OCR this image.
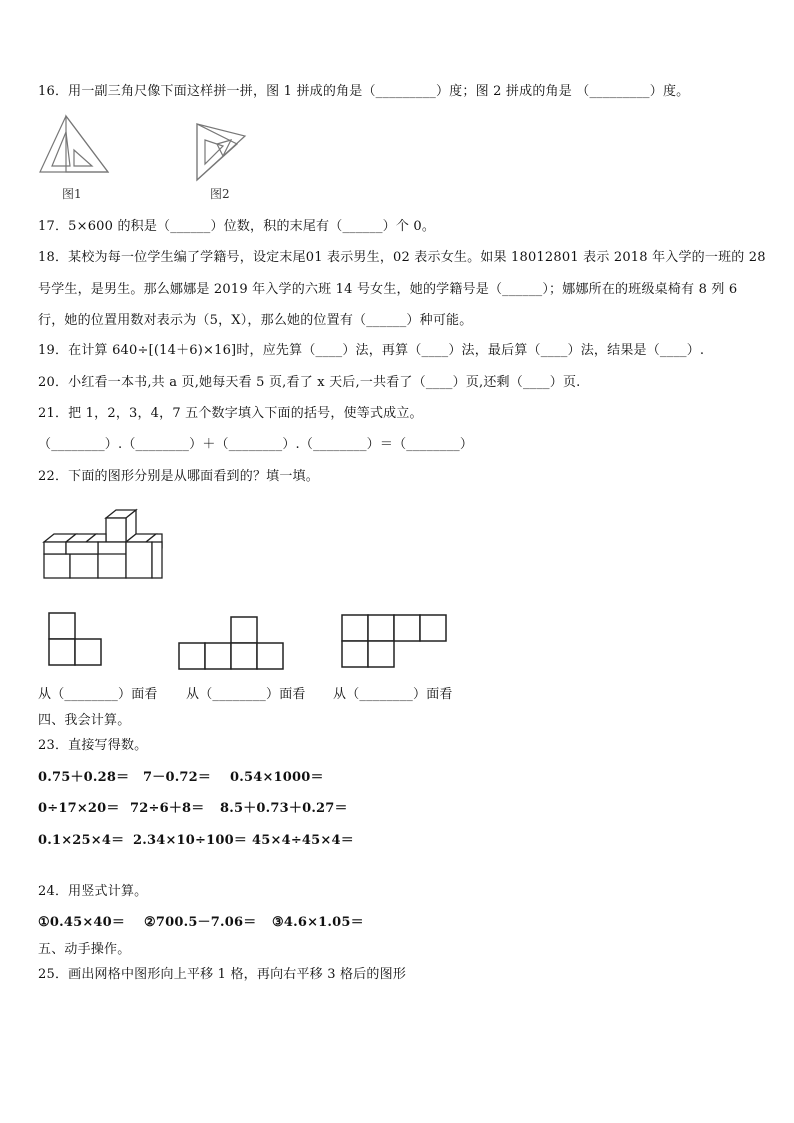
16．用一副三角尺像下面这样拼一拼，图 1 拼成的角是（_________）度；图 2 拼成的角是 （_________）度。
图1	图2
17．5×600 的积是（______）位数，积的末尾有（______）个 0。
18．某校为每一位学生编了学籍号，设定末尾01 表示男生，02 表示女生。如果 18012801 表示 2018 年入学的一班的 28
号学生，是男生。那么娜娜是 2019 年入学的六班 14 号女生，她的学籍号是（______）；娜娜所在的班级桌椅有 8 列 6
行，她的位置用数对表示为（5，X），那么她的位置有（______）种可能。
19．在计算 640÷[(14＋6)×16]时，应先算（____）法，再算（____）法，最后算（____）法，结果是（____）.
20．小红看一本书,共 a 页,她每天看 5 页,看了 x 天后,一共看了（____）页,还剩（____）页.
21．把 1，2，3，4，7 五个数字填入下面的括号，使等式成立。
（________）.（________）＋（________）.（________）＝（________）
22．下面的图形分别是从哪面看到的？填一填。
从（________）面看 从（________）面看 从（________）面看
四、我会计算。
23．直接写得数。
0.75＋0.28＝ 7－0.72＝ 0.54×1000＝
0÷17×20＝ 72÷6＋8＝ 8.5＋0.73＋0.27＝
0.1×25×4＝ 2.34×10÷100＝ 45×4÷45×4＝
24．用竖式计算。
①0.45×40＝ ②700.5－7.06＝ ③4.6×1.05＝
五、动手操作。
25．画出网格中图形向上平移 1 格，再向右平移 3 格后的图形
